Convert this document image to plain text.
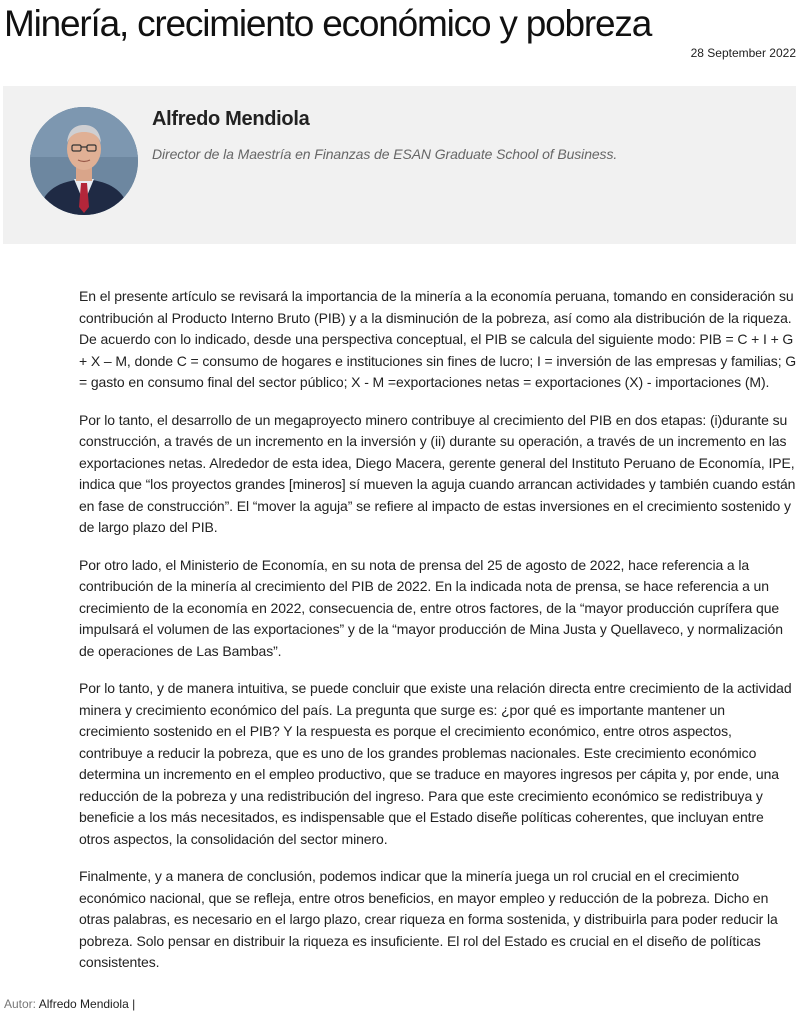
Minería, crecimiento económico y pobreza
28 September 2022
Alfredo Mendiola
Director de la Maestría en Finanzas de ESAN Graduate School of Business.

En el presente artículo se revisará la importancia de la minería a la economía peruana, tomando en consideración su contribución al Producto Interno Bruto (PIB) y a la disminución de la pobreza, así como ala distribución de la riqueza. De acuerdo con lo indicado, desde una perspectiva conceptual, el PIB se calcula del siguiente modo: PIB = C + I + G + X – M, donde C = consumo de hogares e instituciones sin fines de lucro; I = inversión de las empresas y familias; G = gasto en consumo final del sector público; X - M =exportaciones netas = exportaciones (X) - importaciones (M).

Por lo tanto, el desarrollo de un megaproyecto minero contribuye al crecimiento del PIB en dos etapas: (i)durante su construcción, a través de un incremento en la inversión y (ii) durante su operación, a través de un incremento en las exportaciones netas. Alrededor de esta idea, Diego Macera, gerente general del Instituto Peruano de Economía, IPE, indica que “los proyectos grandes [mineros] sí mueven la aguja cuando arrancan actividades y también cuando están en fase de construcción”. El “mover la aguja” se refiere al impacto de estas inversiones en el crecimiento sostenido y de largo plazo del PIB.

Por otro lado, el Ministerio de Economía, en su nota de prensa del 25 de agosto de 2022, hace referencia a la contribución de la minería al crecimiento del PIB de 2022. En la indicada nota de prensa, se hace referencia a un crecimiento de la economía en 2022, consecuencia de, entre otros factores, de la “mayor producción cuprífera que impulsará el volumen de las exportaciones” y de la “mayor producción de Mina Justa y Quellaveco, y normalización de operaciones de Las Bambas”.

Por lo tanto, y de manera intuitiva, se puede concluir que existe una relación directa entre crecimiento de la actividad minera y crecimiento económico del país. La pregunta que surge es: ¿por qué es importante mantener un crecimiento sostenido en el PIB? Y la respuesta es porque el crecimiento económico, entre otros aspectos, contribuye a reducir la pobreza, que es uno de los grandes problemas nacionales. Este crecimiento económico determina un incremento en el empleo productivo, que se traduce en mayores ingresos per cápita y, por ende, una reducción de la pobreza y una redistribución del ingreso. Para que este crecimiento económico se redistribuya y beneficie a los más necesitados, es indispensable que el Estado diseñe políticas coherentes, que incluyan entre otros aspectos, la consolidación del sector minero.

Finalmente, y a manera de conclusión, podemos indicar que la minería juega un rol crucial en el crecimiento económico nacional, que se refleja, entre otros beneficios, en mayor empleo y reducción de la pobreza. Dicho en otras palabras, es necesario en el largo plazo, crear riqueza en forma sostenida, y distribuirla para poder reducir la pobreza. Solo pensar en distribuir la riqueza es insuficiente. El rol del Estado es crucial en el diseño de políticas consistentes.

Autor: Alfredo Mendiola |
